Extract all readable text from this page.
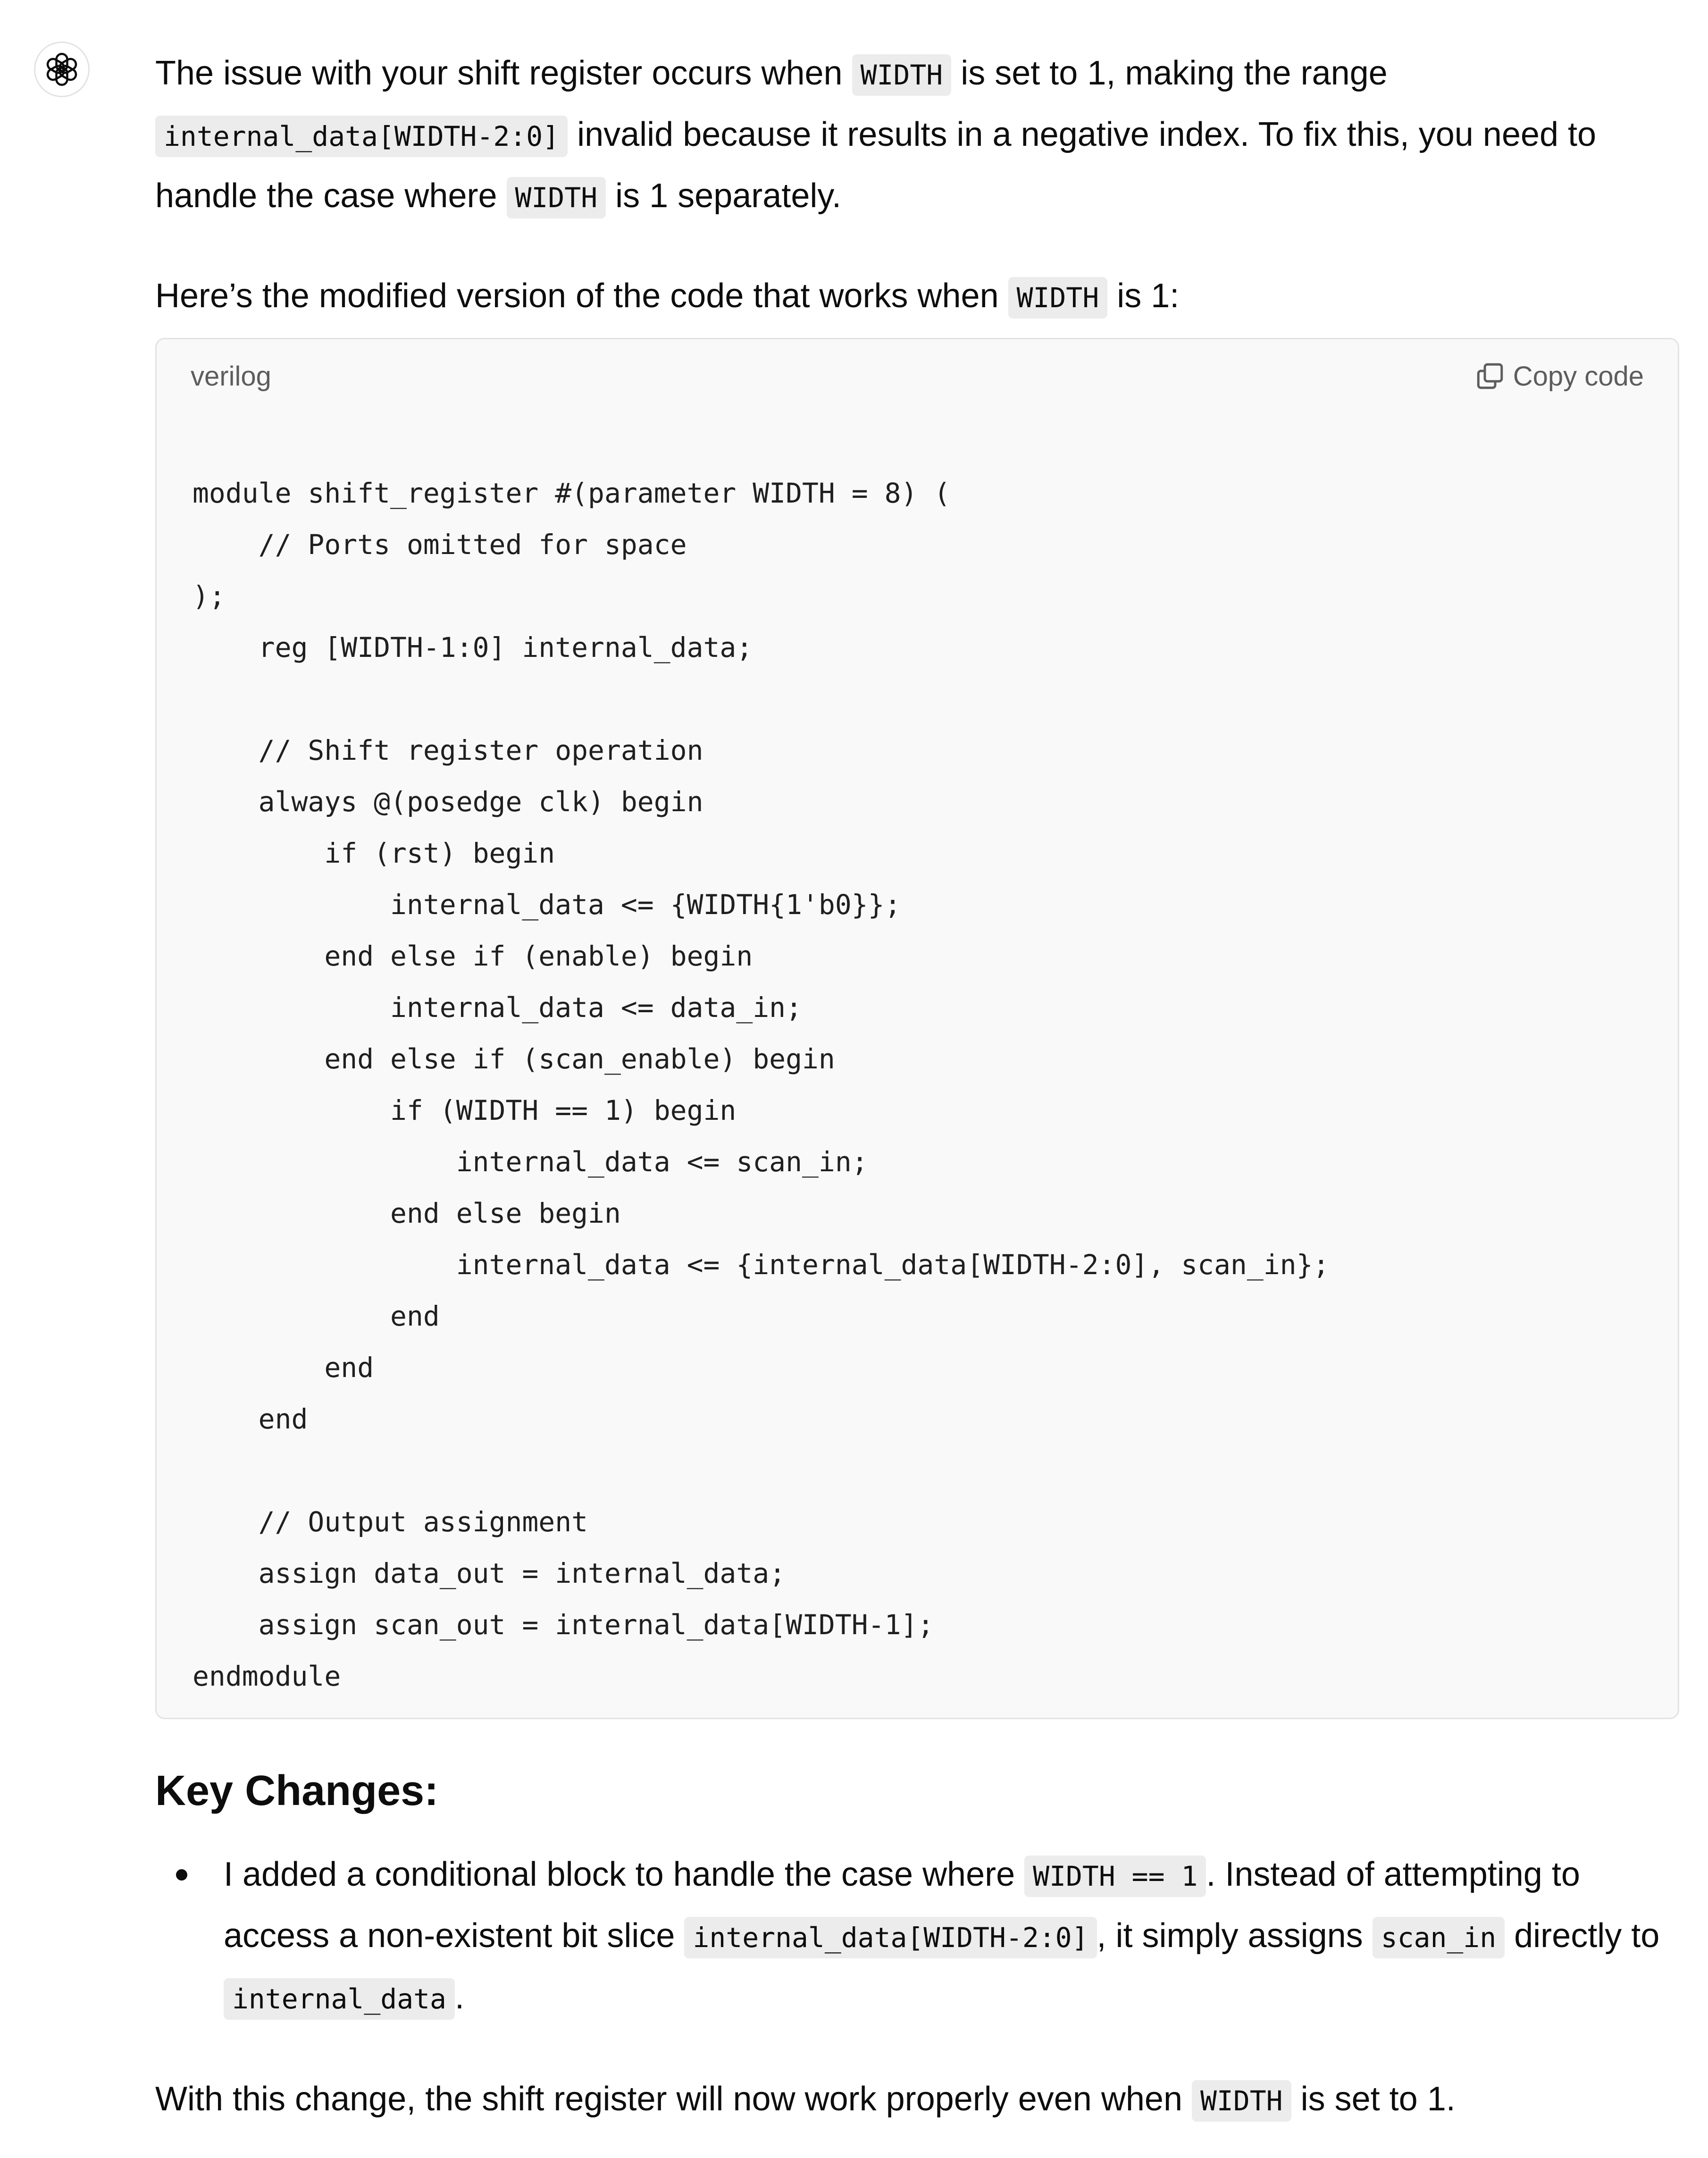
The issue with your shift register occurs when WIDTH is set to 1, making the range internal_data[WIDTH-2:0] invalid because it results in a negative index. To fix this, you need to handle the case where WIDTH is 1 separately.

Here’s the modified version of the code that works when WIDTH is 1:

verilog	Copy code
module shift_register #(parameter WIDTH = 8) (
// Ports omitted for space
);
reg [WIDTH-1:0] internal_data;

// Shift register operation
always @(posedge clk) begin
if (rst) begin
internal_data <= {WIDTH{1'b0}};
end else if (enable) begin
internal_data <= data_in;
end else if (scan_enable) begin
if (WIDTH == 1) begin
internal_data <= scan_in;
end else begin
internal_data <= {internal_data[WIDTH-2:0], scan_in};
end
end
end

// Output assignment
assign data_out = internal_data;
assign scan_out = internal_data[WIDTH-1];
endmodule
Key Changes:
I added a conditional block to handle the case where WIDTH == 1 . Instead of attempting to access a non-existent bit slice internal_data[WIDTH-2:0] , it simply assigns scan_in directly to internal_data .

With this change, the shift register will now work properly even when WIDTH is set to 1.
